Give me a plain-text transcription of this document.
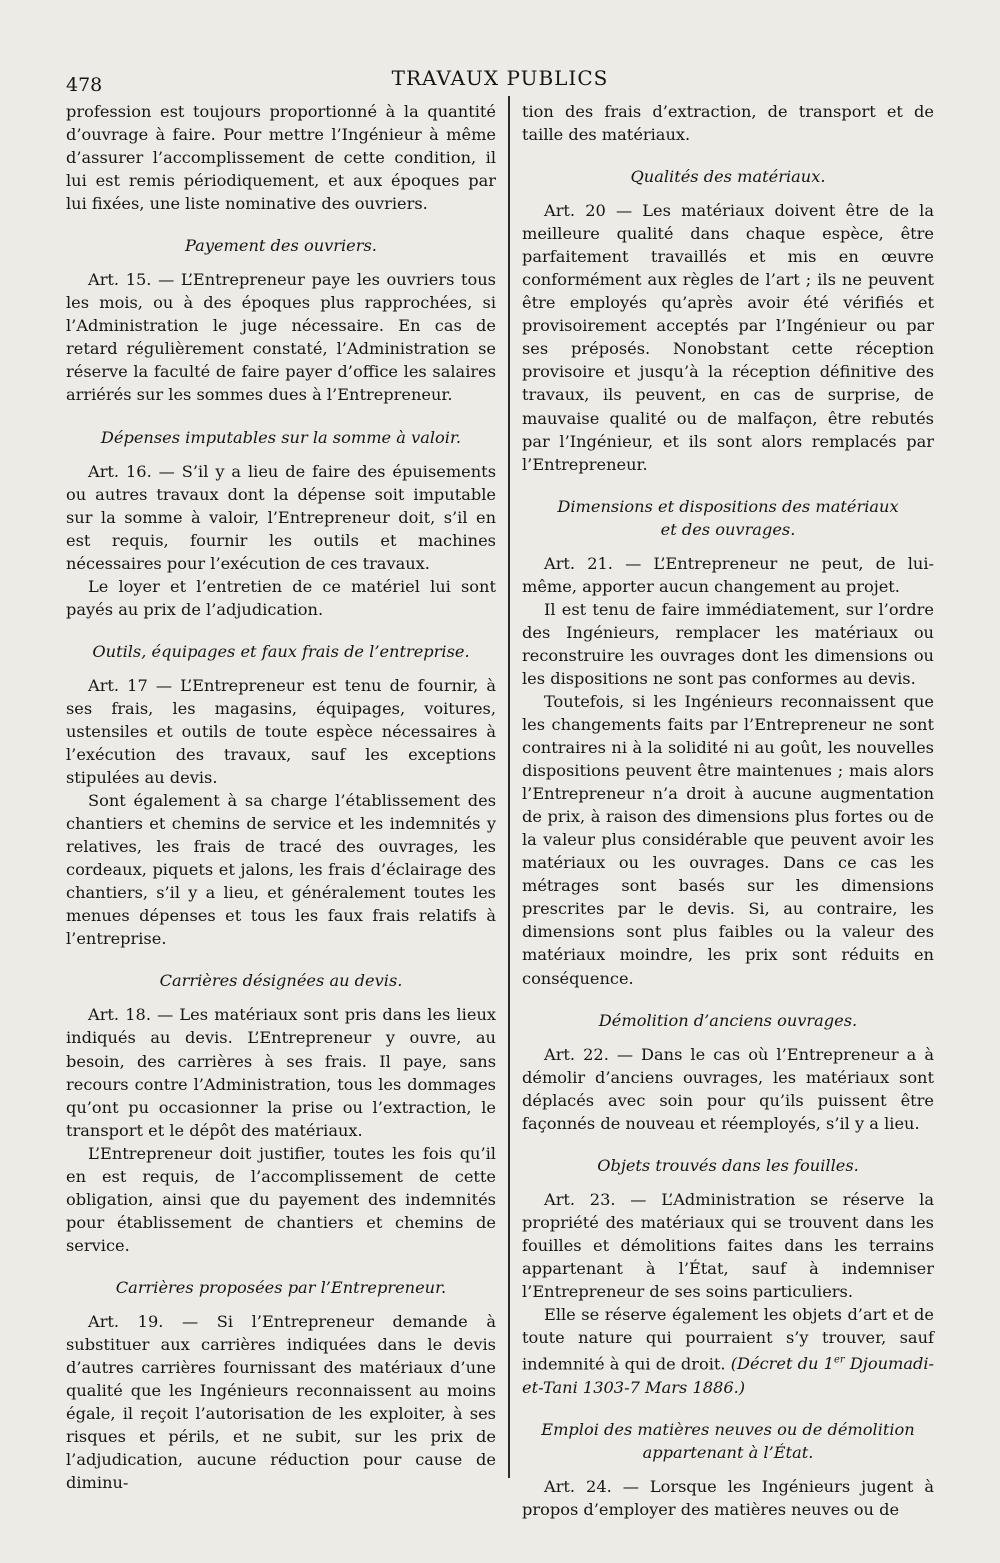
478	TRAVAUX PUBLICS

profession est toujours proportionné à la quantité d’ouvrage à faire. Pour mettre l’Ingénieur à même d’assurer l’accomplissement de cette condition, il lui est remis périodiquement, et aux époques par lui fixées, une liste nominative des ouvriers.

Payement des ouvriers.

Art. 15. — L’Entrepreneur paye les ouvriers tous les mois, ou à des époques plus rapprochées, si l’Administration le juge nécessaire. En cas de retard régulièrement constaté, l’Administration se réserve la faculté de faire payer d’office les salaires arriérés sur les sommes dues à l’Entrepreneur.

Dépenses imputables sur la somme à valoir.

Art. 16. — S’il y a lieu de faire des épuisements ou autres travaux dont la dépense soit imputable sur la somme à valoir, l’Entrepreneur doit, s’il en est requis, fournir les outils et machines nécessaires pour l’exécution de ces travaux.

Le loyer et l’entretien de ce matériel lui sont payés au prix de l’adjudication.

Outils, équipages et faux frais de l’entreprise.

Art. 17 — L’Entrepreneur est tenu de fournir, à ses frais, les magasins, équipages, voitures, ustensiles et outils de toute espèce nécessaires à l’exécution des travaux, sauf les exceptions stipulées au devis.

Sont également à sa charge l’établissement des chantiers et chemins de service et les indemnités y relatives, les frais de tracé des ouvrages, les cordeaux, piquets et jalons, les frais d’éclairage des chantiers, s’il y a lieu, et généralement toutes les menues dépenses et tous les faux frais relatifs à l’entreprise.

Carrières désignées au devis.

Art. 18. — Les matériaux sont pris dans les lieux indiqués au devis. L’Entrepreneur y ouvre, au besoin, des carrières à ses frais. Il paye, sans recours contre l’Administration, tous les dommages qu’ont pu occasionner la prise ou l’extraction, le transport et le dépôt des matériaux.

L’Entrepreneur doit justifier, toutes les fois qu’il en est requis, de l’accomplissement de cette obligation, ainsi que du payement des indemnités pour établissement de chantiers et chemins de service.

Carrières proposées par l’Entrepreneur.

Art. 19. — Si l’Entrepreneur demande à substituer aux carrières indiquées dans le devis d’autres carrières fournissant des matériaux d’une qualité que les Ingénieurs reconnaissent au moins égale, il reçoit l’autorisation de les exploiter, à ses risques et périls, et ne subit, sur les prix de l’adjudication, aucune réduction pour cause de diminu-

tion des frais d’extraction, de transport et de taille des matériaux.

Qualités des matériaux.

Art. 20 — Les matériaux doivent être de la meilleure qualité dans chaque espèce, être parfaitement travaillés et mis en œuvre conformément aux règles de l’art ; ils ne peuvent être employés qu’après avoir été vérifiés et provisoirement acceptés par l’Ingénieur ou par ses préposés. Nonobstant cette réception provisoire et jusqu’à la réception définitive des travaux, ils peuvent, en cas de surprise, de mauvaise qualité ou de malfaçon, être rebutés par l’Ingénieur, et ils sont alors remplacés par l’Entrepreneur.

Dimensions et dispositions des matériaux
et des ouvrages.

Art. 21. — L’Entrepreneur ne peut, de lui-même, apporter aucun changement au projet.

Il est tenu de faire immédiatement, sur l’ordre des Ingénieurs, remplacer les matériaux ou reconstruire les ouvrages dont les dimensions ou les dispositions ne sont pas conformes au devis.

Toutefois, si les Ingénieurs reconnaissent que les changements faits par l’Entrepreneur ne sont contraires ni à la solidité ni au goût, les nouvelles dispositions peuvent être maintenues ; mais alors l’Entrepreneur n’a droit à aucune augmentation de prix, à raison des dimensions plus fortes ou de la valeur plus considérable que peuvent avoir les matériaux ou les ouvrages. Dans ce cas les métrages sont basés sur les dimensions prescrites par le devis. Si, au contraire, les dimensions sont plus faibles ou la valeur des matériaux moindre, les prix sont réduits en conséquence.

Démolition d’anciens ouvrages.

Art. 22. — Dans le cas où l’Entrepreneur a à démolir d’anciens ouvrages, les matériaux sont déplacés avec soin pour qu’ils puissent être façonnés de nouveau et réemployés, s’il y a lieu.

Objets trouvés dans les fouilles.

Art. 23. — L’Administration se réserve la propriété des matériaux qui se trouvent dans les fouilles et démolitions faites dans les terrains appartenant à l’État, sauf à indemniser l’Entrepreneur de ses soins particuliers.

Elle se réserve également les objets d’art et de toute nature qui pourraient s’y trouver, sauf indemnité à qui de droit. (Décret du 1er Djoumadi-et-Tani 1303-7 Mars 1886.)

Emploi des matières neuves ou de démolition
appartenant à l’État.

Art. 24. — Lorsque les Ingénieurs jugent à propos d’employer des matières neuves ou de
